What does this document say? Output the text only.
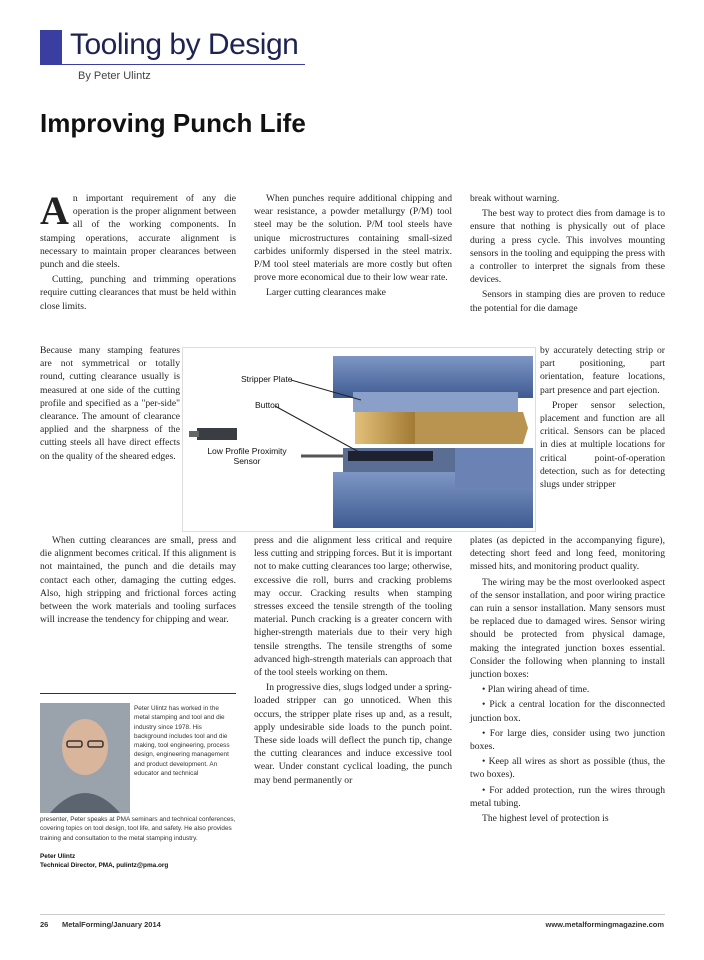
Tooling by Design
By Peter Ulintz
Improving Punch Life

An important requirement of any die operation is the proper alignment between all of the working components. In stamping operations, accurate alignment is necessary to maintain proper clearances between punch and die steels.

Cutting, punching and trimming operations require cutting clearances that must be held within close limits.

Because many stamping features are not symmetrical or totally round, cutting clearance usually is measured at one side of the cutting profile and specified as a "per-side" clearance. The amount of clearance applied and the sharpness of the cutting steels all have direct effects on the quality of the sheared edges.

When cutting clearances are small, press and die alignment becomes critical. If this alignment is not maintained, the punch and die details may contact each other, damaging the cutting edges. Also, high stripping and frictional forces acting between the work materials and tooling surfaces will increase the tendency for chipping and wear.

When punches require additional chipping and wear resistance, a powder metallurgy (P/M) tool steel may be the solution. P/M tool steels have unique microstructures containing small-sized carbides uniformly dispersed in the steel matrix. P/M tool steel materials are more costly but often prove more economical due to their low wear rate.

Larger cutting clearances make

press and die alignment less critical and require less cutting and stripping forces. But it is important not to make cutting clearances too large; otherwise, excessive die roll, burrs and cracking problems may occur. Cracking results when stamping stresses exceed the tensile strength of the tooling material. Punch cracking is a greater concern with higher-strength materials due to their very high tensile strengths. The tensile strengths of some advanced high-strength materials can approach that of the tool steels working on them.

In progressive dies, slugs lodged under a spring-loaded stripper can go unnoticed. When this occurs, the stripper plate rises up and, as a result, apply undesirable side loads to the punch point. These side loads will deflect the punch tip, change the cutting clearances and induce excessive tool wear. Under constant cyclical loading, the punch may bend permanently or

break without warning.

The best way to protect dies from damage is to ensure that nothing is physically out of place during a press cycle. This involves mounting sensors in the tooling and equipping the press with a controller to interpret the signals from these devices.

Sensors in stamping dies are proven to reduce the potential for die damage

by accurately detecting strip or part positioning, part orientation, feature locations, part presence and part ejection.

Proper sensor selection, placement and function are all critical. Sensors can be placed in dies at multiple locations for critical point-of-operation detection, such as for detecting slugs under stripper

plates (as depicted in the accompanying figure), detecting short feed and long feed, monitoring missed hits, and monitoring product quality.

The wiring may be the most overlooked aspect of the sensor installation, and poor wiring practice can ruin a sensor installation. Many sensors must be replaced due to damaged wires. Sensor wiring should be protected from physical damage, making the integrated junction boxes essential. Consider the following when planning to install junction boxes:

• Plan wiring ahead of time.

• Pick a central location for the disconnected junction box.

• For large dies, consider using two junction boxes.

• Keep all wires as short as possible (thus, the two boxes).

• For added protection, run the wires through metal tubing.

The highest level of protection is

Stripper Plate
Button
Low Profile Proximity Sensor
Peter Ulintz has worked in the metal stamping and tool and die industry since 1978. His background includes tool and die making, tool engineering, process design, engineering management and product development. An educator and technical
presenter, Peter speaks at PMA seminars and technical conferences, covering topics on tool design, tool life, and safety. He also provides training and consultation to the metal stamping industry.
Peter Ulintz
Technical Director, PMA, pulintz@pma.org
26 MetalForming/January 2014	www.metalformingmagazine.com
